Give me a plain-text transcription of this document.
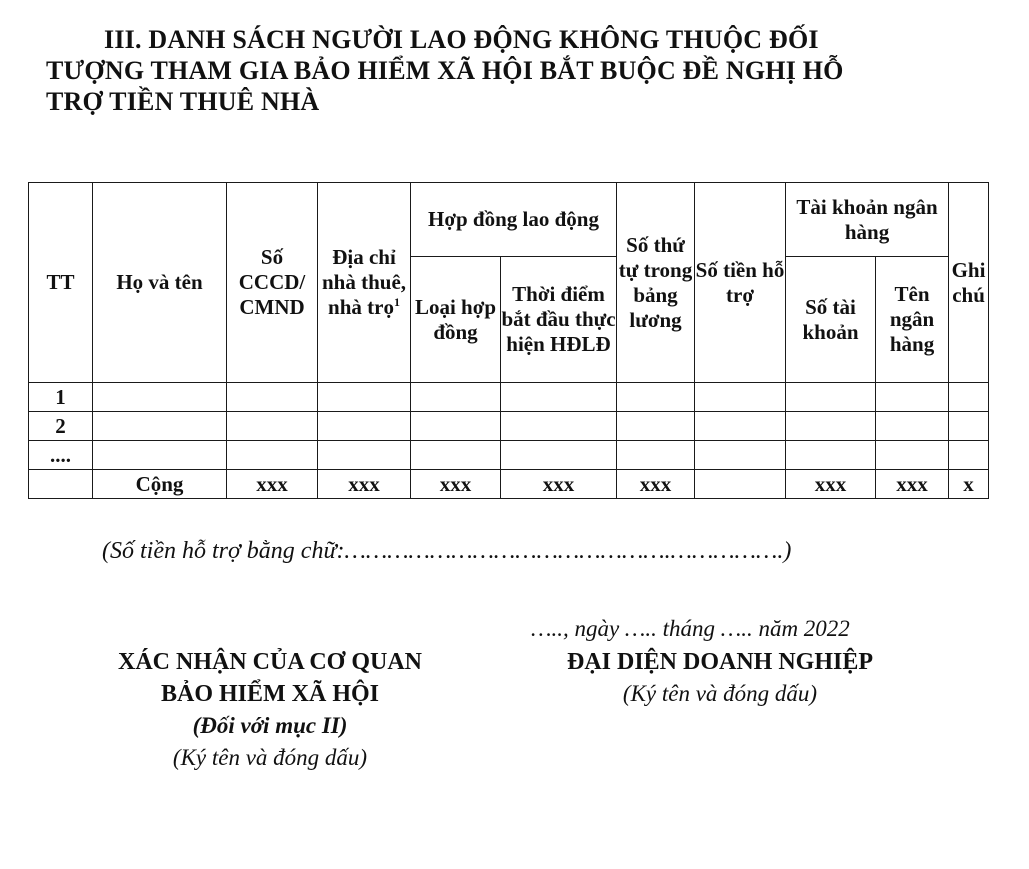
III. DANH SÁCH NGƯỜI LAO ĐỘNG KHÔNG THUỘC ĐỐI
TƯỢNG THAM GIA BẢO HIỂM XÃ HỘI BẮT BUỘC ĐỀ NGHỊ HỖ
TRỢ TIỀN THUÊ NHÀ
TT	Họ và tên	Số CCCD/ CMND	Địa chỉ nhà thuê, nhà trọ$^1$	Hợp đồng lao động		Số thứ tự trong bảng lương	Số tiền hỗ trợ	Tài khoản ngân hàng		Ghi chú
				Loại hợp đồng	Thời điểm bắt đầu thực hiện HĐLĐ			Số tài khoản	Tên ngân hàng	
1										
2										
....										
	Cộng	xxx	xxx	xxx	xxx	xxx		xxx	xxx	x
(Số tiền hỗ trợ bằng chữ:……………………………………….…………….)
….., ngày ….. tháng ….. năm 2022
XÁC NHẬN CỦA CƠ QUAN
BẢO HIỂM XÃ HỘI
(Đối với mục II)
(Ký tên và đóng dấu)
ĐẠI DIỆN DOANH NGHIỆP
(Ký tên và đóng dấu)
